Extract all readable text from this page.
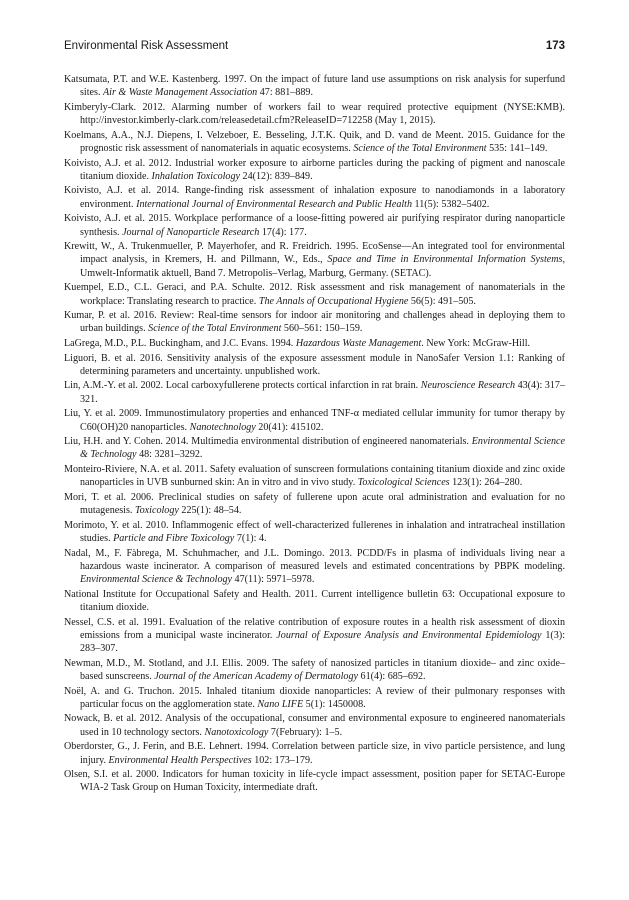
Environmental Risk Assessment	173

Katsumata, P.T. and W.E. Kastenberg. 1997. On the impact of future land use assumptions on risk analysis for superfund sites. Air & Waste Management Association 47: 881–889.

Kimberyly-Clark. 2012. Alarming number of workers fail to wear required protective equipment (NYSE:KMB). http://investor.kimberly-clark.com/releasedetail.cfm?ReleaseID=712258 (May 1, 2015).

Koelmans, A.A., N.J. Diepens, I. Velzeboer, E. Besseling, J.T.K. Quik, and D. vand de Meent. 2015. Guidance for the prognostic risk assessment of nanomaterials in aquatic ecosystems. Science of the Total Environment 535: 141–149.

Koivisto, A.J. et al. 2012. Industrial worker exposure to airborne particles during the packing of pigment and nanoscale titanium dioxide. Inhalation Toxicology 24(12): 839–849.

Koivisto, A.J. et al. 2014. Range-finding risk assessment of inhalation exposure to nanodiamonds in a laboratory environment. International Journal of Environmental Research and Public Health 11(5): 5382–5402.

Koivisto, A.J. et al. 2015. Workplace performance of a loose-fitting powered air purifying respirator during nanoparticle synthesis. Journal of Nanoparticle Research 17(4): 177.

Krewitt, W., A. Trukenmueller, P. Mayerhofer, and R. Freidrich. 1995. EcoSense—An integrated tool for environmental impact analysis, in Kremers, H. and Pillmann, W., Eds., Space and Time in Environmental Information Systems, Umwelt-Informatik aktuell, Band 7. Metropolis–Verlag, Marburg, Germany. (SETAC).

Kuempel, E.D., C.L. Geraci, and P.A. Schulte. 2012. Risk assessment and risk management of nanomaterials in the workplace: Translating research to practice. The Annals of Occupational Hygiene 56(5): 491–505.

Kumar, P. et al. 2016. Review: Real-time sensors for indoor air monitoring and challenges ahead in deploying them to urban buildings. Science of the Total Environment 560–561: 150–159.

LaGrega, M.D., P.L. Buckingham, and J.C. Evans. 1994. Hazardous Waste Management. New York: McGraw-Hill.

Liguori, B. et al. 2016. Sensitivity analysis of the exposure assessment module in NanoSafer Version 1.1: Ranking of determining parameters and uncertainty. unpublished work.

Lin, A.M.-Y. et al. 2002. Local carboxyfullerene protects cortical infarction in rat brain. Neuroscience Research 43(4): 317–321.

Liu, Y. et al. 2009. Immunostimulatory properties and enhanced TNF-α mediated cellular immunity for tumor therapy by C60(OH)20 nanoparticles. Nanotechnology 20(41): 415102.

Liu, H.H. and Y. Cohen. 2014. Multimedia environmental distribution of engineered nanomaterials. Environmental Science & Technology 48: 3281–3292.

Monteiro-Riviere, N.A. et al. 2011. Safety evaluation of sunscreen formulations containing titanium dioxide and zinc oxide nanoparticles in UVB sunburned skin: An in vitro and in vivo study. Toxicological Sciences 123(1): 264–280.

Mori, T. et al. 2006. Preclinical studies on safety of fullerene upon acute oral administration and evaluation for no mutagenesis. Toxicology 225(1): 48–54.

Morimoto, Y. et al. 2010. Inflammogenic effect of well-characterized fullerenes in inhalation and intratracheal instillation studies. Particle and Fibre Toxicology 7(1): 4.

Nadal, M., F. Fàbrega, M. Schuhmacher, and J.L. Domingo. 2013. PCDD/Fs in plasma of individuals living near a hazardous waste incinerator. A comparison of measured levels and estimated concentrations by PBPK modeling. Environmental Science & Technology 47(11): 5971–5978.

National Institute for Occupational Safety and Health. 2011. Current intelligence bulletin 63: Occupational exposure to titanium dioxide.

Nessel, C.S. et al. 1991. Evaluation of the relative contribution of exposure routes in a health risk assessment of dioxin emissions from a municipal waste incinerator. Journal of Exposure Analysis and Environmental Epidemiology 1(3): 283–307.

Newman, M.D., M. Stotland, and J.I. Ellis. 2009. The safety of nanosized particles in titanium dioxide– and zinc oxide–based sunscreens. Journal of the American Academy of Dermatology 61(4): 685–692.

Noël, A. and G. Truchon. 2015. Inhaled titanium dioxide nanoparticles: A review of their pulmonary responses with particular focus on the agglomeration state. Nano LIFE 5(1): 1450008.

Nowack, B. et al. 2012. Analysis of the occupational, consumer and environmental exposure to engineered nanomaterials used in 10 technology sectors. Nanotoxicology 7(February): 1–5.

Oberdorster, G., J. Ferin, and B.E. Lehnert. 1994. Correlation between particle size, in vivo particle persistence, and lung injury. Environmental Health Perspectives 102: 173–179.

Olsen, S.I. et al. 2000. Indicators for human toxicity in life-cycle impact assessment, position paper for SETAC-Europe WIA-2 Task Group on Human Toxicity, intermediate draft.
